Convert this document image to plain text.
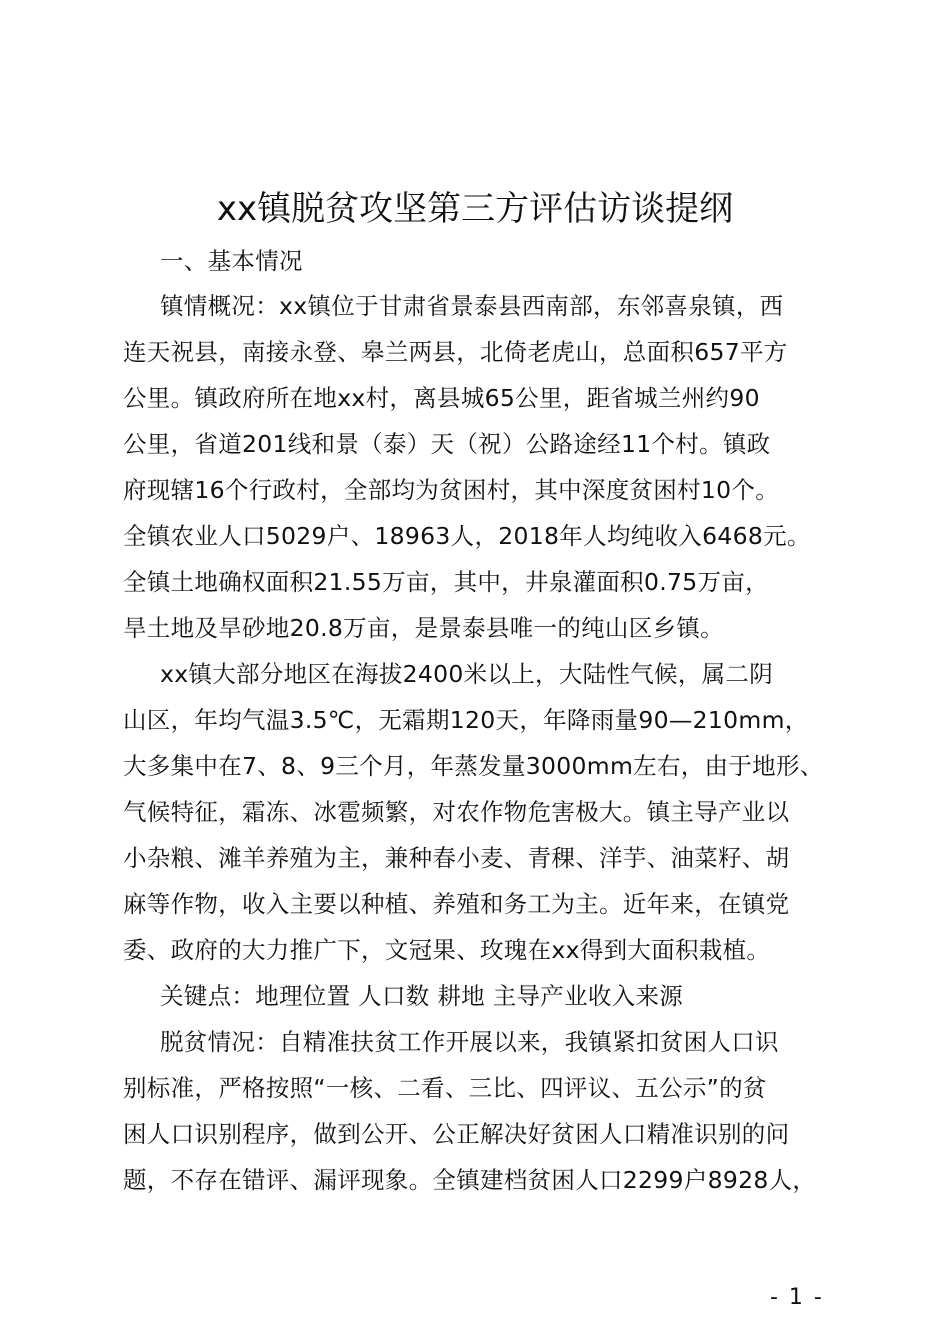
xx镇脱贫攻坚第三方评估访谈提纲
一、基本情况
镇情概况：xx镇位于甘肃省景泰县西南部，东邻喜泉镇，西
连天祝县，南接永登、皋兰两县，北倚老虎山，总面积657平方
公里。镇政府所在地xx村，离县城65公里，距省城兰州约90
公里，省道201线和景（泰）天（祝）公路途经11个村。镇政
府现辖16个行政村，全部均为贫困村，其中深度贫困村10个。
全镇农业人口5029户、18963人，2018年人均纯收入6468元。
全镇土地确权面积21.55万亩，其中，井泉灌面积0.75万亩，
旱土地及旱砂地20.8万亩，是景泰县唯一的纯山区乡镇。
xx镇大部分地区在海拔2400米以上，大陆性气候，属二阴
山区，年均气温3.5℃，无霜期120天，年降雨量90—210mm，
大多集中在7、8、9三个月，年蒸发量3000mm左右，由于地形、
气候特征，霜冻、冰雹频繁，对农作物危害极大。镇主导产业以
小杂粮、滩羊养殖为主，兼种春小麦、青稞、洋芋、油菜籽、胡
麻等作物，收入主要以种植、养殖和务工为主。近年来，在镇党
委、政府的大力推广下，文冠果、玫瑰在xx得到大面积栽植。
关键点：地理位置 人口数 耕地 主导产业收入来源
脱贫情况：自精准扶贫工作开展以来，我镇紧扣贫困人口识
别标准，严格按照“一核、二看、三比、四评议、五公示”的贫
困人口识别程序，做到公开、公正解决好贫困人口精准识别的问
题，不存在错评、漏评现象。全镇建档贫困人口2299户8928人，
- 1 -
